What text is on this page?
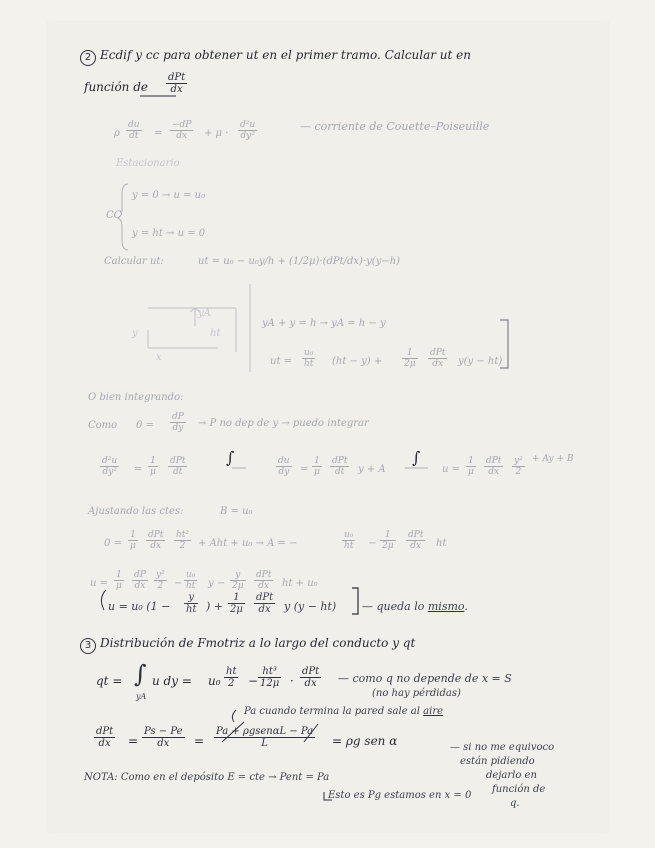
2 Ecdif y cc para obtener ut en el primer tramo. Calcular ut en
función de
dPt
dx
ρ $\frac{du}{dt} = \frac{-dP}{dx} + \mu \cdot \frac{\text{d²u}}{\text{dy²}}$	— corriente de Couette–Poiseuille
Estacionario
CC
y = 0 → u = u₀
y = ht → u = 0
Calcular ut:	ut = u₀ − u₀y/h + (1/2μ)·(dPt/dx)·y(y−h)
yA
ht
y
x
yA + y = h → yA = h − y
ut = $\frac{\text{u₀}}{ht} (ht - y) + \frac{1}{2\mu}$ dPt
dx	y(y − ht)
O bien integrando:
Como $0 = \frac{dP}{dy} \to P$ no dep de y → puedo integrar
$\frac{\text{d²u}}{\text{dy²}} = \frac{1}{\mu}$ dPt
dt
∫	$\frac{du}{dy} = \frac{1}{\mu}$ dPt
dt	y + A
∫
$u = \frac{1}{\mu}$ dPt
dx	$\frac{\text{y²}}{2} + Ay + B$
Ajustando las ctes:	B = u₀
$0 = \frac{1}{\mu}$ dPt
dx	$\frac{\text{ht²}}{2}$ + Aht + u₀ → A = −	$\frac{\text{u₀}}{ht} - \frac{1}{2\mu}$ dPt
dx	ht
$u = \frac{1}{\mu} \frac{dP}{dx} \frac{\text{y²}}{2} - \frac{\text{u₀}}{ht}$ $y - \frac{y}{2\mu}$ dPt
dx	ht + u₀
u = u₀ ($1 - \frac{y}{ht}$ ) + $\frac{1}{2\mu}$ dPt
dx	y (y − ht) — queda lo mismo.
3 Distribución de Fmotriz a lo largo del conducto y qt
qt = ∫
yA
u dy = $u_0 \frac{ht}{2} - \frac{\text{ht³}}{12\mu}$ ·
dPt
dx	— como q no depende de x = S
(no hay pérdidas)
Pa cuando termina la pared sale al aire
dPt
dx	= $\frac{Ps - Pe}{dx}$ =
Pa + ρgsenαL − Pa
L	= ρg sen α	— si no me equivoco
están pidiendo
dejarlo en
función de
q.
NOTA: Como en el depósito E = cte → Pent = Pa
Esto es Pg estamos en x = 0
